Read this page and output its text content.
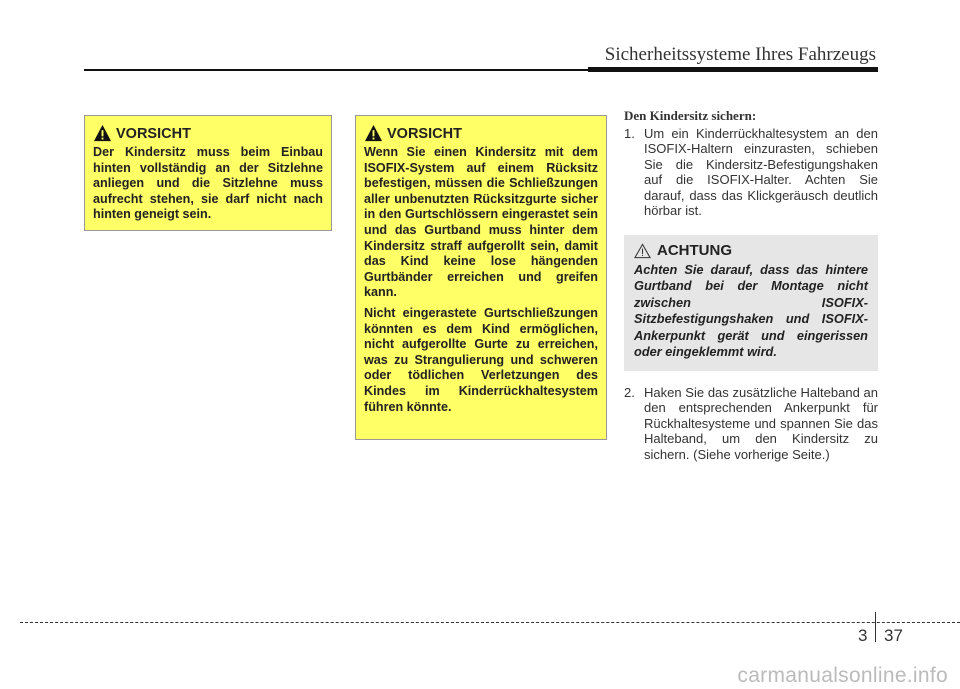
Sicherheitssysteme Ihres Fahrzeugs
VORSICHT
Der Kindersitz muss beim Einbau hinten vollständig an der Sitzlehne anliegen und die Sitzlehne muss aufrecht stehen, sie darf nicht nach hinten geneigt sein.
VORSICHT
Wenn Sie einen Kindersitz mit dem ISOFIX-System auf einem Rücksitz befestigen, müssen die Schließzungen aller unbenutzten Rücksitzgurte sicher in den Gurtschlössern eingerastet sein und das Gurtband muss hinter dem Kindersitz straff aufgerollt sein, damit das Kind keine lose hängenden Gurtbänder erreichen und greifen kann.
Nicht eingerastete Gurtschließzungen könnten es dem Kind ermöglichen, nicht aufgerollte Gurte zu erreichen, was zu Strangulierung und schweren oder tödlichen Verletzungen des Kindes im Kinderrückhaltesystem führen könnte.
Den Kindersitz sichern:
1. Um ein Kinderrückhaltesystem an den ISOFIX-Haltern einzurasten, schieben Sie die Kindersitz-Befestigungshaken auf die ISOFIX-Halter. Achten Sie darauf, dass das Klickgeräusch deutlich hörbar ist.
ACHTUNG
Achten Sie darauf, dass das hintere Gurtband bei der Montage nicht zwischen ISOFIX-Sitzbefestigungshaken und ISOFIX-Ankerpunkt gerät und eingerissen oder eingeklemmt wird.
2. Haken Sie das zusätzliche Halteband an den entsprechenden Ankerpunkt für Rückhaltesysteme und spannen Sie das Halteband, um den Kindersitz zu sichern. (Siehe vorherige Seite.)
3 37
carmanualsonline.info
